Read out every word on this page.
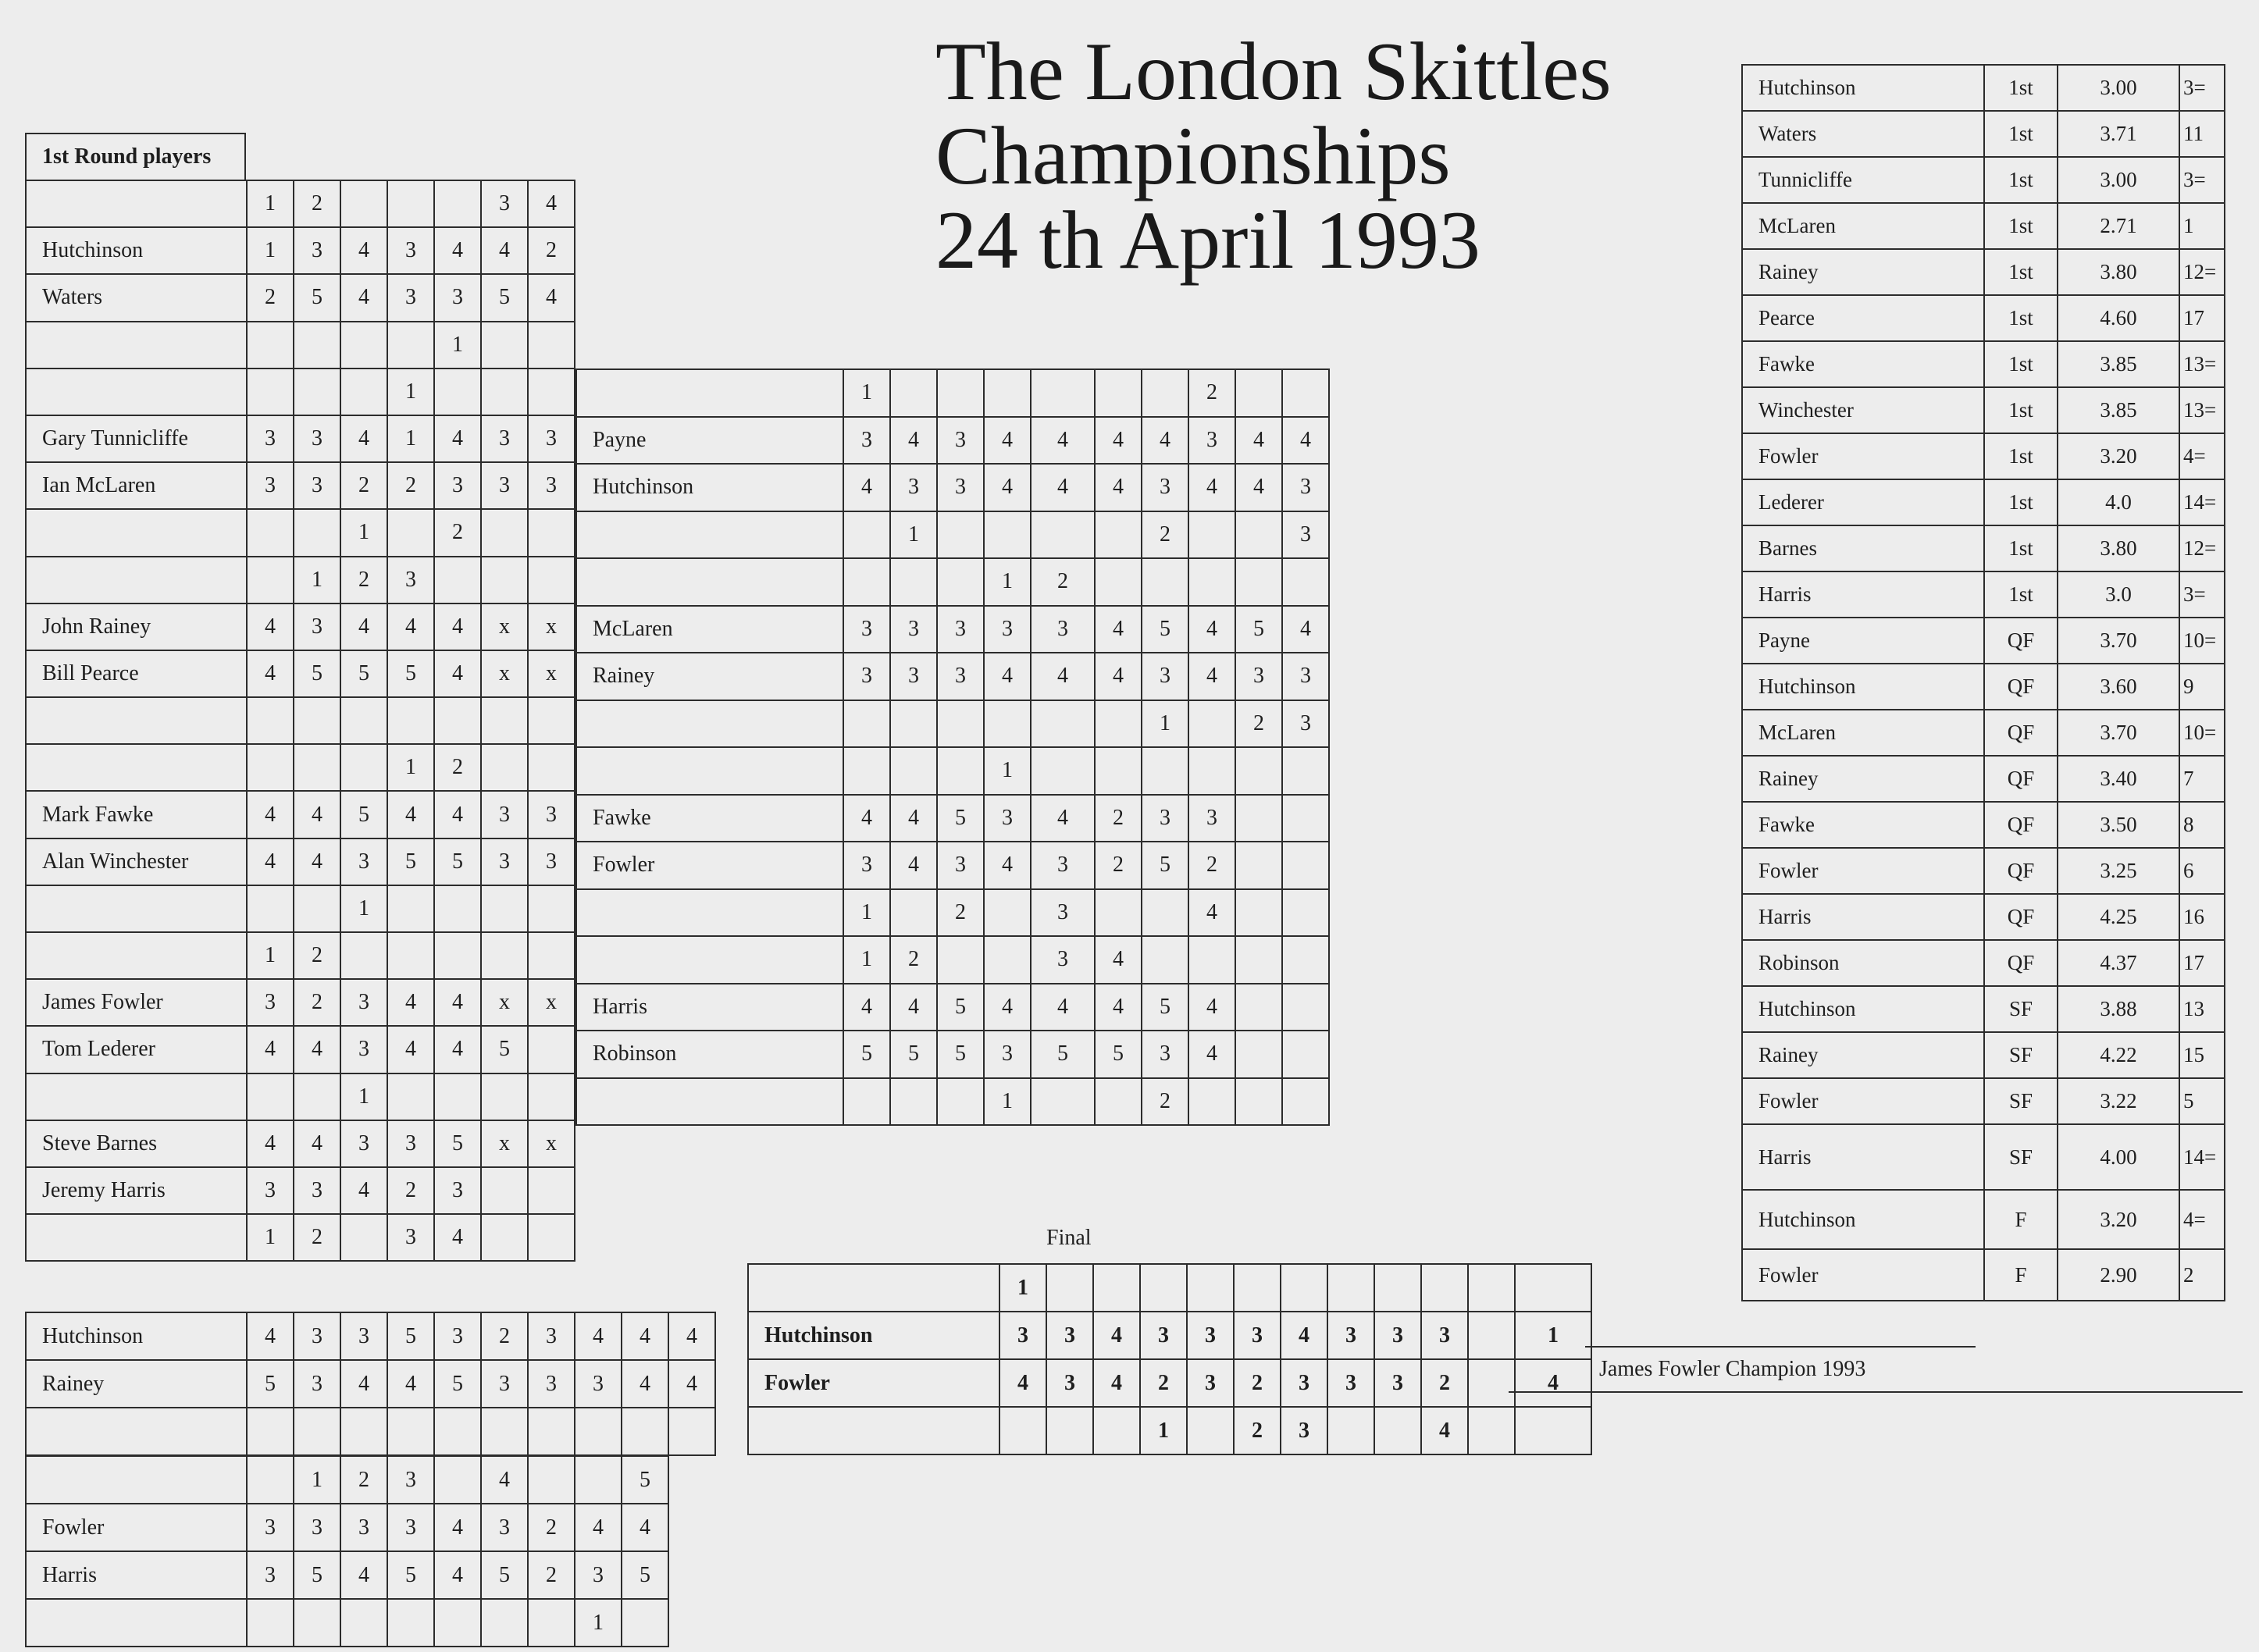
The London Skittles
Championships
24 th April 1993
1st Round players
	1	2				3	4
Hutchinson	1	3	4	3	4	4	2
Waters	2	5	4	3	3	5	4
					1		
				1			
Gary Tunnicliffe	3	3	4	1	4	3	3
Ian McLaren	3	3	2	2	3	3	3
			1		2		
		1	2	3			
John Rainey	4	3	4	4	4	x	x
Bill Pearce	4	5	5	5	4	x	x

				1	2		
Mark Fawke	4	4	5	4	4	3	3
Alan Winchester	4	4	3	5	5	3	3
			1				
	1	2					
James Fowler	3	2	3	4	4	x	x
Tom Lederer	4	4	3	4	4	5	
			1				
Steve Barnes	4	4	3	3	5	x	x
Jeremy Harris	3	3	4	2	3		
	1	2		3	4		
	1							2		
Payne	3	4	3	4	4	4	4	3	4	4
Hutchinson	4	3	3	4	4	4	3	4	4	3
		1					2			3
				1	2					
McLaren	3	3	3	3	3	4	5	4	5	4
Rainey	3	3	3	4	4	4	3	4	3	3
							1		2	3
				1						
Fawke	4	4	5	3	4	2	3	3		
Fowler	3	4	3	4	3	2	5	2		
	1		2		3			4		
	1	2			3	4				
Harris	4	4	5	4	4	4	5	4		
Robinson	5	5	5	3	5	5	3	4		
				1			2			
Hutchinson	4	3	3	5	3	2	3	4	4	4
Rainey	5	3	4	4	5	3	3	3	4	4

		1	2	3		4			5
Fowler	3	3	3	3	4	3	2	4	4
Harris	3	5	4	5	4	5	2	3	5
								1	
	1											
Hutchinson	3	3	4	3	3	3	4	3	3	3		1
Fowler	4	3	4	2	3	2	3	3	3	2		4
				1		2	3			4		
Hutchinson	1st	3.00	3=
Waters	1st	3.71	11
Tunnicliffe	1st	3.00	3=
McLaren	1st	2.71	1
Rainey	1st	3.80	12=
Pearce	1st	4.60	17
Fawke	1st	3.85	13=
Winchester	1st	3.85	13=
Fowler	1st	3.20	4=
Lederer	1st	4.0	14=
Barnes	1st	3.80	12=
Harris	1st	3.0	3=
Payne	QF	3.70	10=
Hutchinson	QF	3.60	9
McLaren	QF	3.70	10=
Rainey	QF	3.40	7
Fawke	QF	3.50	8
Fowler	QF	3.25	6
Harris	QF	4.25	16
Robinson	QF	4.37	17
Hutchinson	SF	3.88	13
Rainey	SF	4.22	15
Fowler	SF	3.22	5
Harris	SF	4.00	14=
Hutchinson	F	3.20	4=
Fowler	F	2.90	2
Final
James Fowler Champion 1993
